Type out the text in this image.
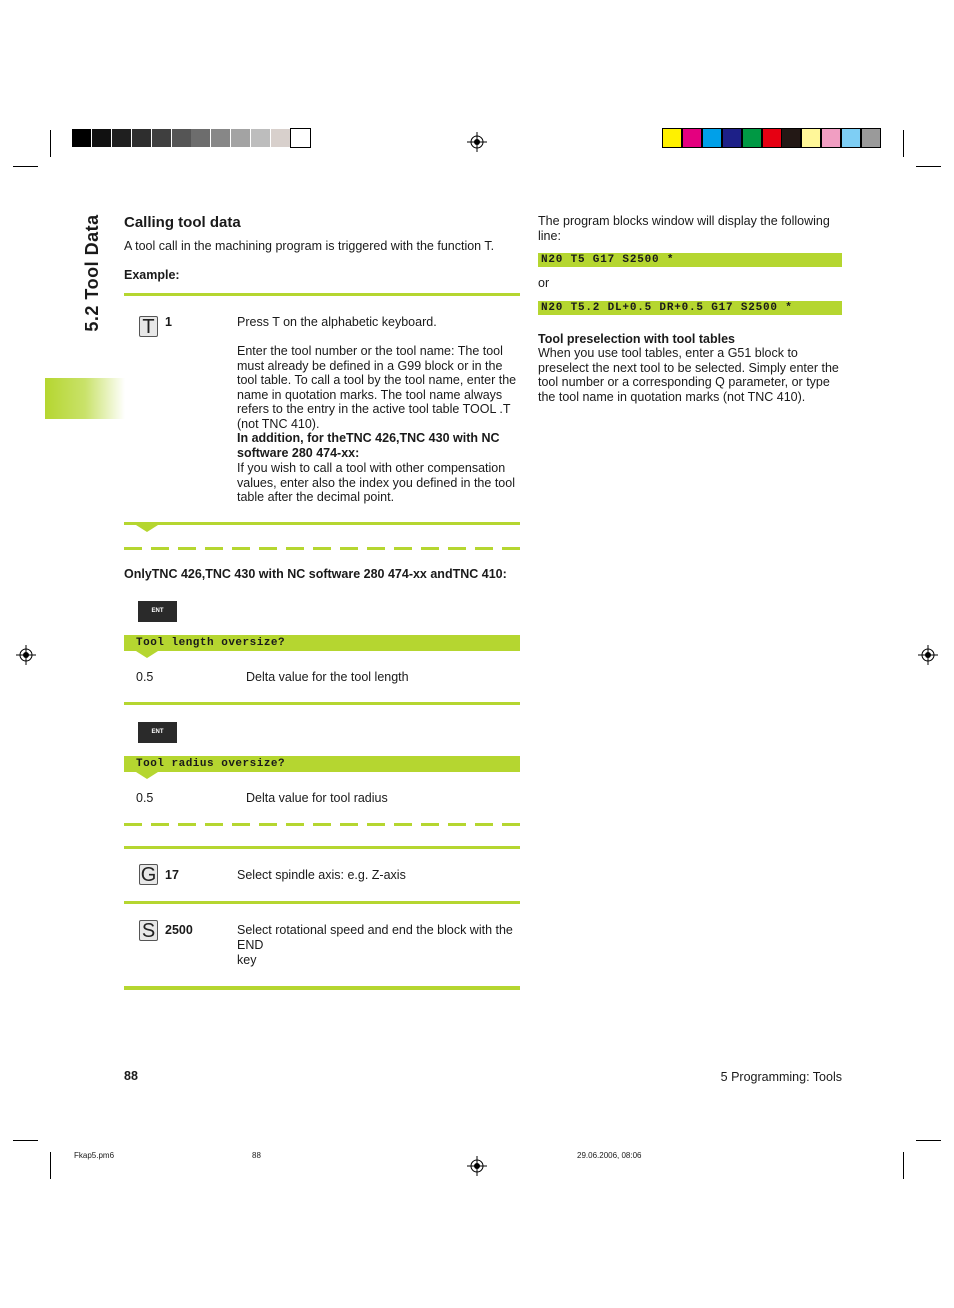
5.2 Tool Data Calling tool data
A tool call in the machining program is triggered with the function T.
Example:
T 1	Press T on the alphabetic keyboard.
Enter the tool number or the tool name: The tool must already be defined in a G99 block or in the tool table. To call a tool by the tool name, enter the name in quotation marks. The tool name always refers to the entry in the active tool table TOOL .T (not TNC 410).
In addition, for theTNC 426,TNC 430 with NC software 280 474-xx:
If you wish to call a tool with other compensation values, enter also the index you defined in the tool table after the decimal point.
OnlyTNC 426,TNC 430 with NC software 280 474-xx andTNC 410:
ENT
Tool length oversize?
0.5	Delta value for the tool length
ENT
Tool radius oversize?
0.5	Delta value for tool radius
G 17	Select spindle axis: e.g. Z-axis
S 2500	Select rotational speed and end the block with the END
key
The program blocks window will display the following line:
N20 T5 G17 S2500 *
or
N20 T5.2 DL+0.5 DR+0.5 G17 S2500 *
Tool preselection with tool tables
When you use tool tables, enter a G51 block to preselect the next tool to be selected. Simply enter the tool number or a corresponding Q parameter, or type the tool name in quotation marks (not TNC 410).
88	5 Programming: Tools
Fkap5.pm6	88	29.06.2006, 08:06
